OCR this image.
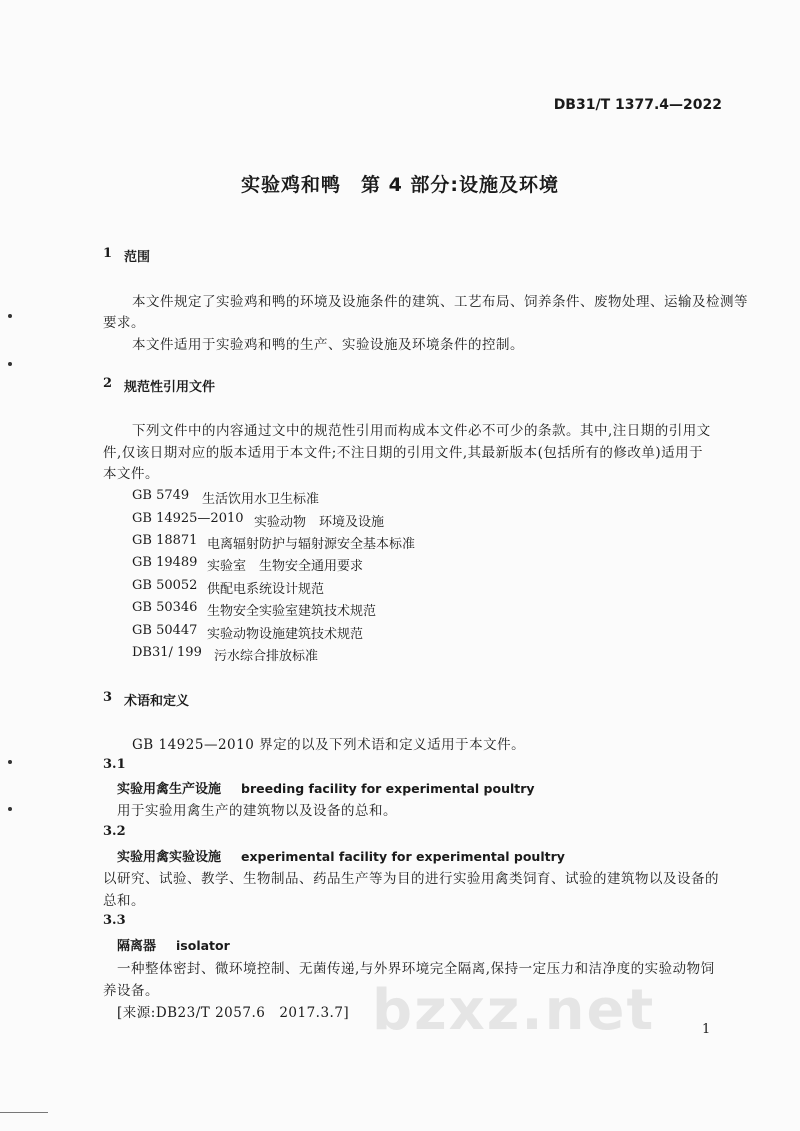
DB31/T 1377.4—2022
实验鸡和鸭　第 4 部分:设施及环境
1 范围
本文件规定了实验鸡和鸭的环境及设施条件的建筑、工艺布局、饲养条件、废物处理、运输及检测等
要求。
本文件适用于实验鸡和鸭的生产、实验设施及环境条件的控制。
2 规范性引用文件
下列文件中的内容通过文中的规范性引用而构成本文件必不可少的条款。其中,注日期的引用文
件,仅该日期对应的版本适用于本文件;不注日期的引用文件,其最新版本(包括所有的修改单)适用于
本文件。
GB 5749 生活饮用水卫生标准
GB 14925—2010 实验动物　环境及设施
GB 18871 电离辐射防护与辐射源安全基本标准
GB 19489 实验室　生物安全通用要求
GB 50052 供配电系统设计规范
GB 50346 生物安全实验室建筑技术规范
GB 50447 实验动物设施建筑技术规范
DB31/ 199 污水综合排放标准
3 术语和定义
GB 14925—2010 界定的以及下列术语和定义适用于本文件。
3.1
实验用禽生产设施 breeding facility for experimental poultry
用于实验用禽生产的建筑物以及设备的总和。
3.2
实验用禽实验设施 experimental facility for experimental poultry
以研究、试验、教学、生物制品、药品生产等为目的进行实验用禽类饲育、试验的建筑物以及设备的
总和。
3.3
隔离器 isolator
一种整体密封、微环境控制、无菌传递,与外界环境完全隔离,保持一定压力和洁净度的实验动物饲
养设备。
[来源:DB23/T 2057.6　2017.3.7] bzxz.net	1
